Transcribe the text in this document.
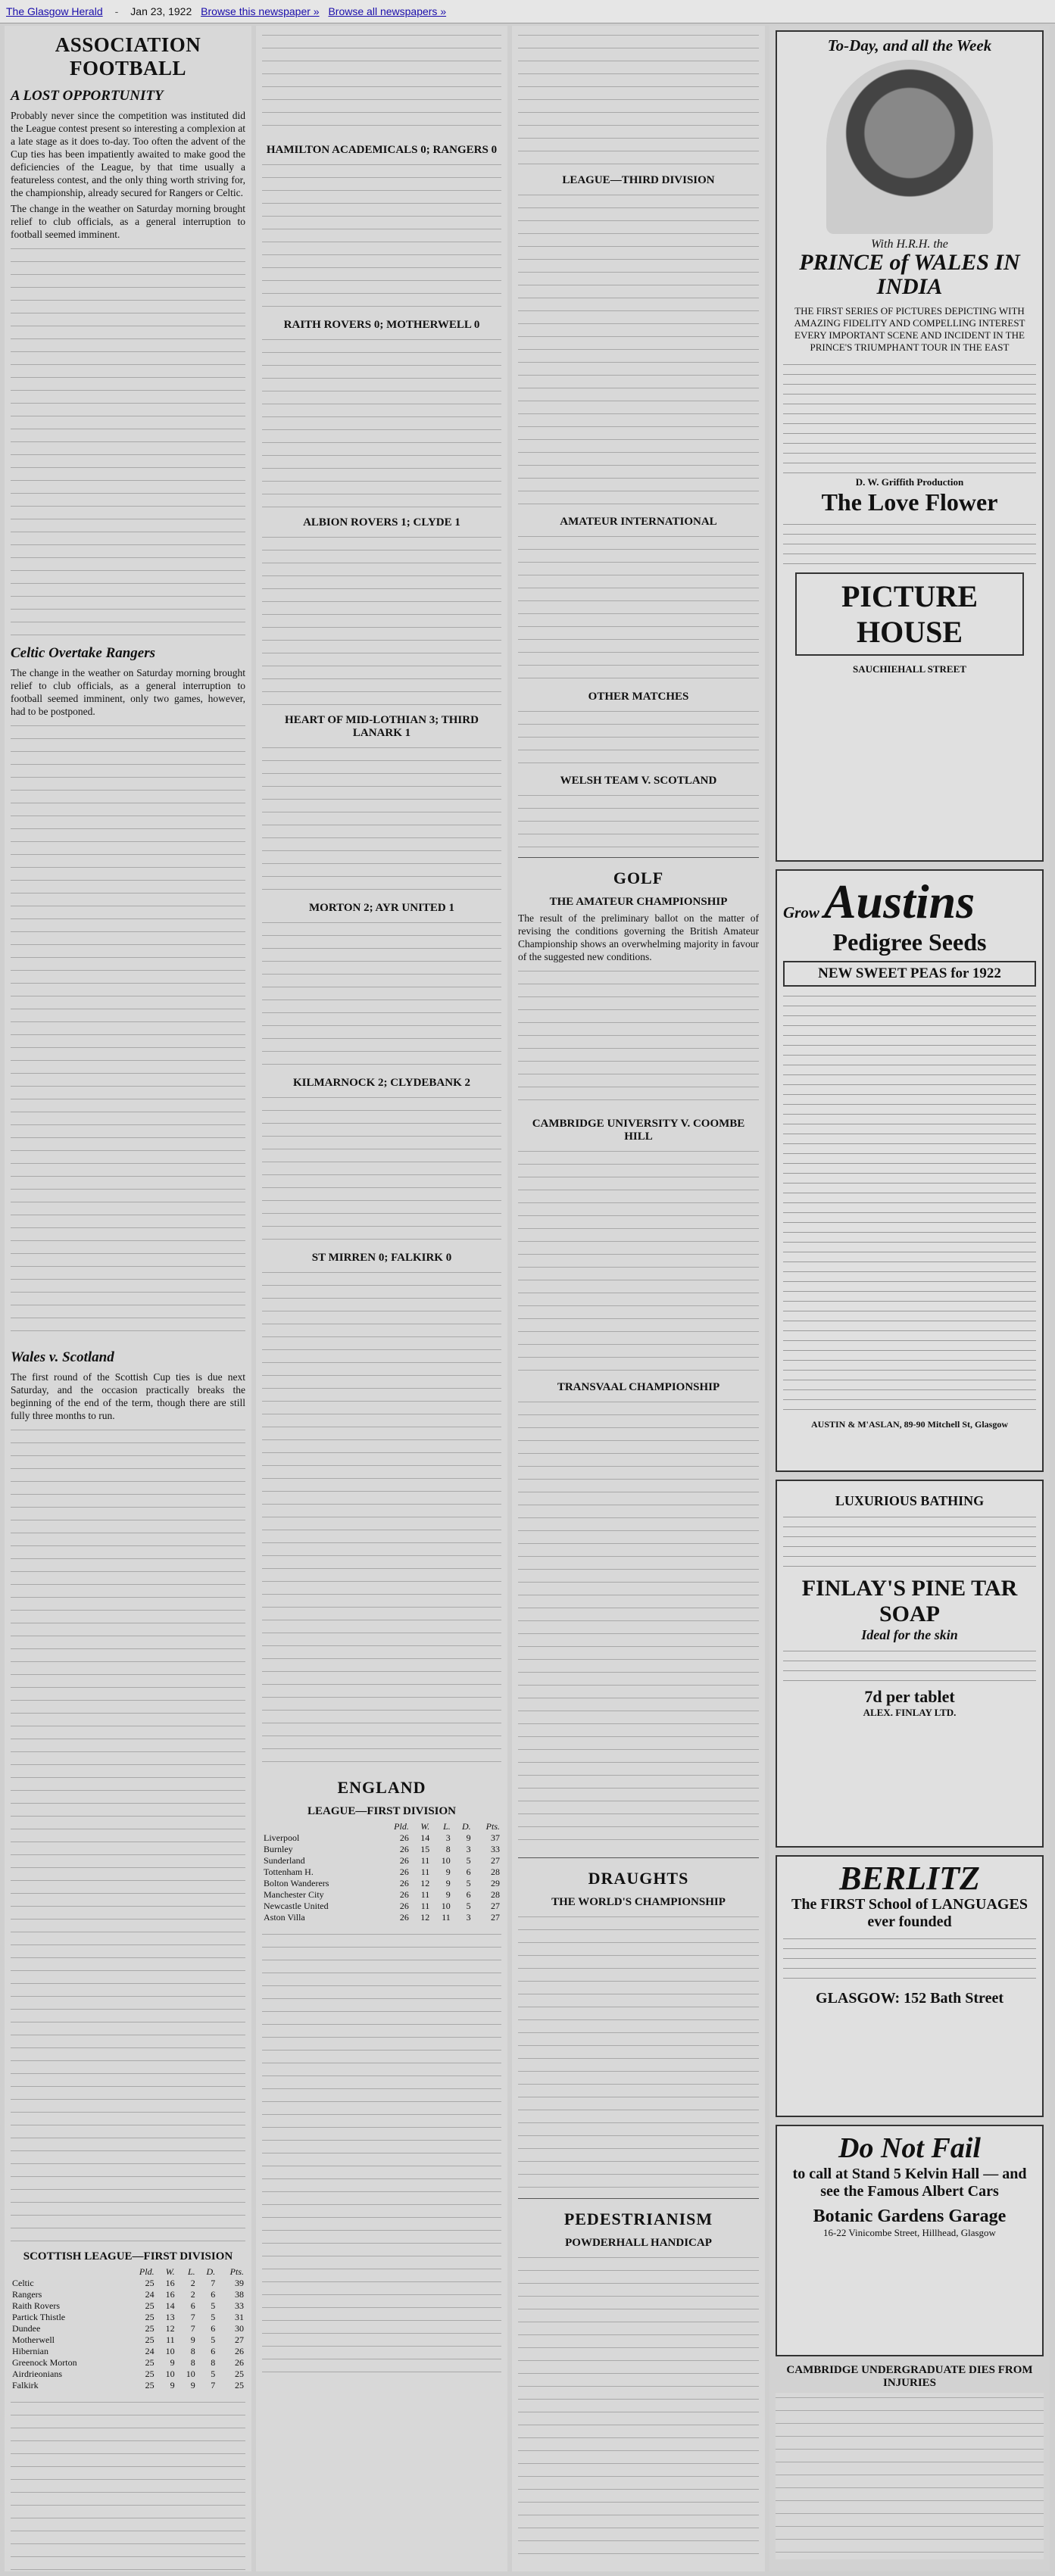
The Glasgow Herald - Jan 23, 1922 Browse this newspaper » Browse all newspapers »
ASSOCIATION FOOTBALL
A LOST OPPORTUNITY

Probably never since the competition was instituted did the League contest present so interesting a complexion at a late stage as it does to-day. Too often the advent of the Cup ties has been impatiently awaited to make good the deficiencies of the League, by that time usually a featureless contest, and the only thing worth striving for, the championship, already secured for Rangers or Celtic.

The change in the weather on Saturday morning brought relief to club officials, as a general interruption to football seemed imminent.

Celtic Overtake Rangers

The change in the weather on Saturday morning brought relief to club officials, as a general interruption to football seemed imminent, only two games, however, had to be postponed.

Wales v. Scotland

The first round of the Scottish Cup ties is due next Saturday, and the occasion practically breaks the beginning of the end of the term, though there are still fully three months to run.

SCOTTISH LEAGUE—FIRST DIVISION
	Pld.	W.	L.	D.	Pts.
Celtic	25	16	2	7	39
Rangers	24	16	2	6	38
Raith Rovers	25	14	6	5	33
Partick Thistle	25	13	7	5	31
Dundee	25	12	7	6	30
Motherwell	25	11	9	5	27
Hibernian	24	10	8	6	26
Greenock Morton	25	9	8	8	26
Airdrieonians	25	10	10	5	25
Falkirk	25	9	9	7	25
HAMILTON ACADEMICALS 0; RANGERS 0
RAITH ROVERS 0; MOTHERWELL 0
ALBION ROVERS 1; CLYDE 1
HEART OF MID-LOTHIAN 3; THIRD LANARK 1
MORTON 2; AYR UNITED 1
KILMARNOCK 2; CLYDEBANK 2
ST MIRREN 0; FALKIRK 0
ENGLAND
LEAGUE—FIRST DIVISION
	Pld.	W.	L.	D.	Pts.
Liverpool	26	14	3	9	37
Burnley	26	15	8	3	33
Sunderland	26	11	10	5	27
Tottenham H.	26	11	9	6	28
Bolton Wanderers	26	12	9	5	29
Manchester City	26	11	9	6	28
Newcastle United	26	11	10	5	27
Aston Villa	26	12	11	3	27
LEAGUE—THIRD DIVISION
AMATEUR INTERNATIONAL
OTHER MATCHES
WELSH TEAM V. SCOTLAND
GOLF
THE AMATEUR CHAMPIONSHIP

The result of the preliminary ballot on the matter of revising the conditions governing the British Amateur Championship shows an overwhelming majority in favour of the suggested new conditions.

CAMBRIDGE UNIVERSITY V. COOMBE HILL
TRANSVAAL CHAMPIONSHIP
DRAUGHTS
THE WORLD'S CHAMPIONSHIP
PEDESTRIANISM
POWDERHALL HANDICAP
To-Day, and all the Week
With H.R.H. the
PRINCE of WALES IN INDIA
THE FIRST SERIES OF PICTURES DEPICTING WITH AMAZING FIDELITY AND COMPELLING INTEREST EVERY IMPORTANT SCENE AND INCIDENT IN THE PRINCE'S TRIUMPHANT TOUR IN THE EAST
D. W. Griffith Production
The Love Flower
PICTURE HOUSE
SAUCHIEHALL STREET
Grow Austins
Pedigree Seeds
NEW SWEET PEAS for 1922
AUSTIN & M'ASLAN, 89-90 Mitchell St, Glasgow
LUXURIOUS BATHING
FINLAY'S PINE TAR SOAP
Ideal for the skin
7d per tablet
ALEX. FINLAY LTD.
BERLITZ
The FIRST School of LANGUAGES ever founded
GLASGOW: 152 Bath Street
Do Not Fail
to call at Stand 5 Kelvin Hall — and see the Famous Albert Cars
Botanic Gardens Garage
16-22 Vinicombe Street, Hillhead, Glasgow
CAMBRIDGE UNDERGRADUATE DIES FROM INJURIES
